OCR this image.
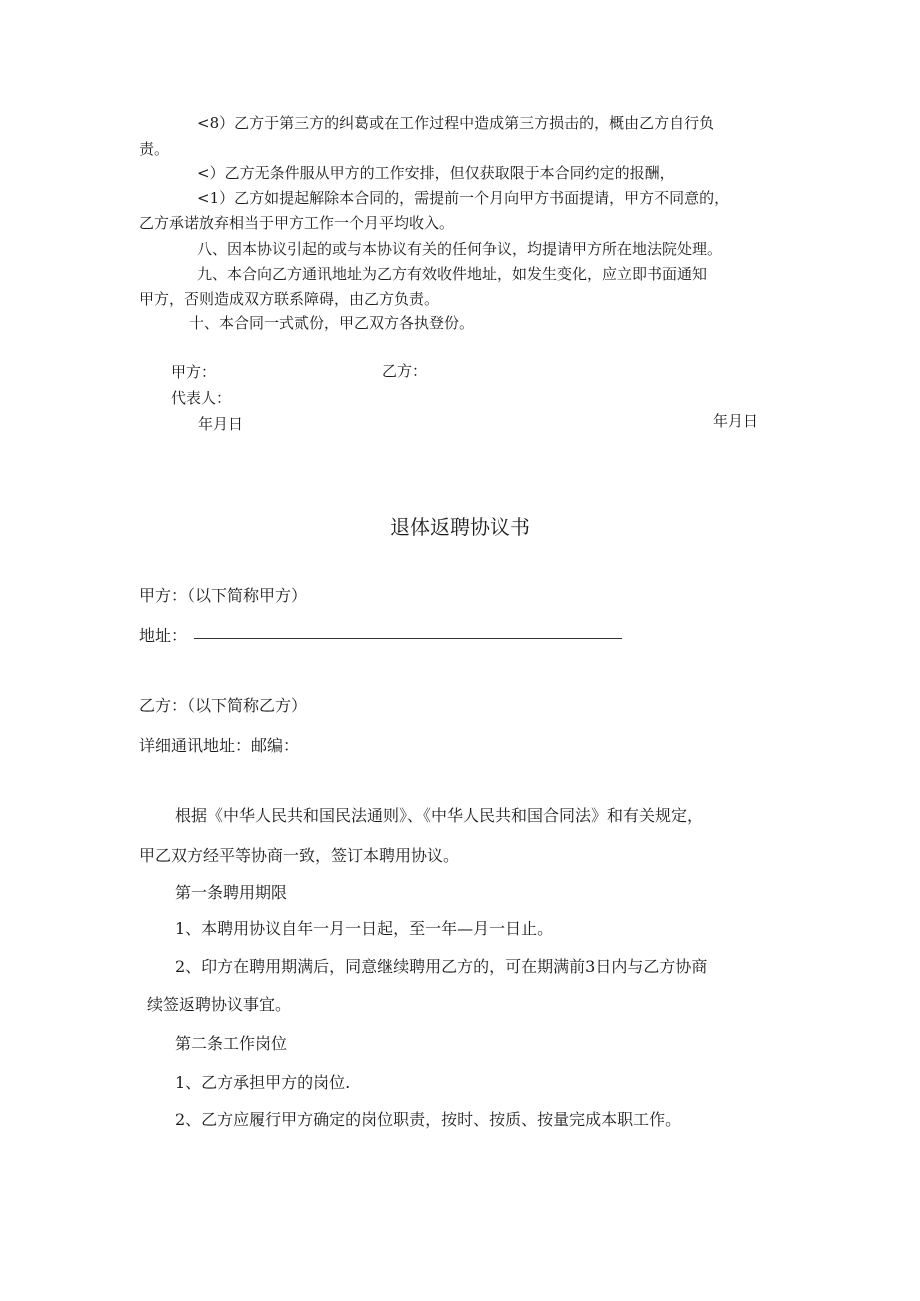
<8）乙方于第三方的纠葛或在工作过程中造成第三方损击的，概由乙方自行负
责。
<）乙方无条件服从甲方的工作安排，但仅获取限于本合同约定的报酬，
<1）乙方如提起解除本合同的，需提前一个月向甲方书面提请，甲方不同意的，
乙方承诺放弃相当于甲方工作一个月平均收入。
八、因本协议引起的或与本协议有关的任何争议，均提请甲方所在地法院处理。
九、本合向乙方通讯地址为乙方有效收件地址，如发生变化，应立即书面通知
甲方，否则造成双方联系障碍，由乙方负责。
十、本合同一式贰份，甲乙双方各执登份。
甲方：	乙方：
代表人：
年月日	年月日
退体返聘协议书
甲方：（以下简称甲方）
地址：
乙方：（以下简称乙方）
详细通讯地址：邮编：
根据《中华人民共和国民法通则》、《中华人民共和国合同法》和有关规定，
甲乙双方经平等协商一致，签订本聘用协议。
第一条聘用期限
1、本聘用协议自年一月一日起，至一年—月一日止。
2、印方在聘用期满后，同意继续聘用乙方的，可在期满前3日内与乙方协商
续签返聘协议事宜。
第二条工作岗位
1、乙方承担甲方的岗位.
2、乙方应履行甲方确定的岗位职责，按时、按质、按量完成本职工作。
